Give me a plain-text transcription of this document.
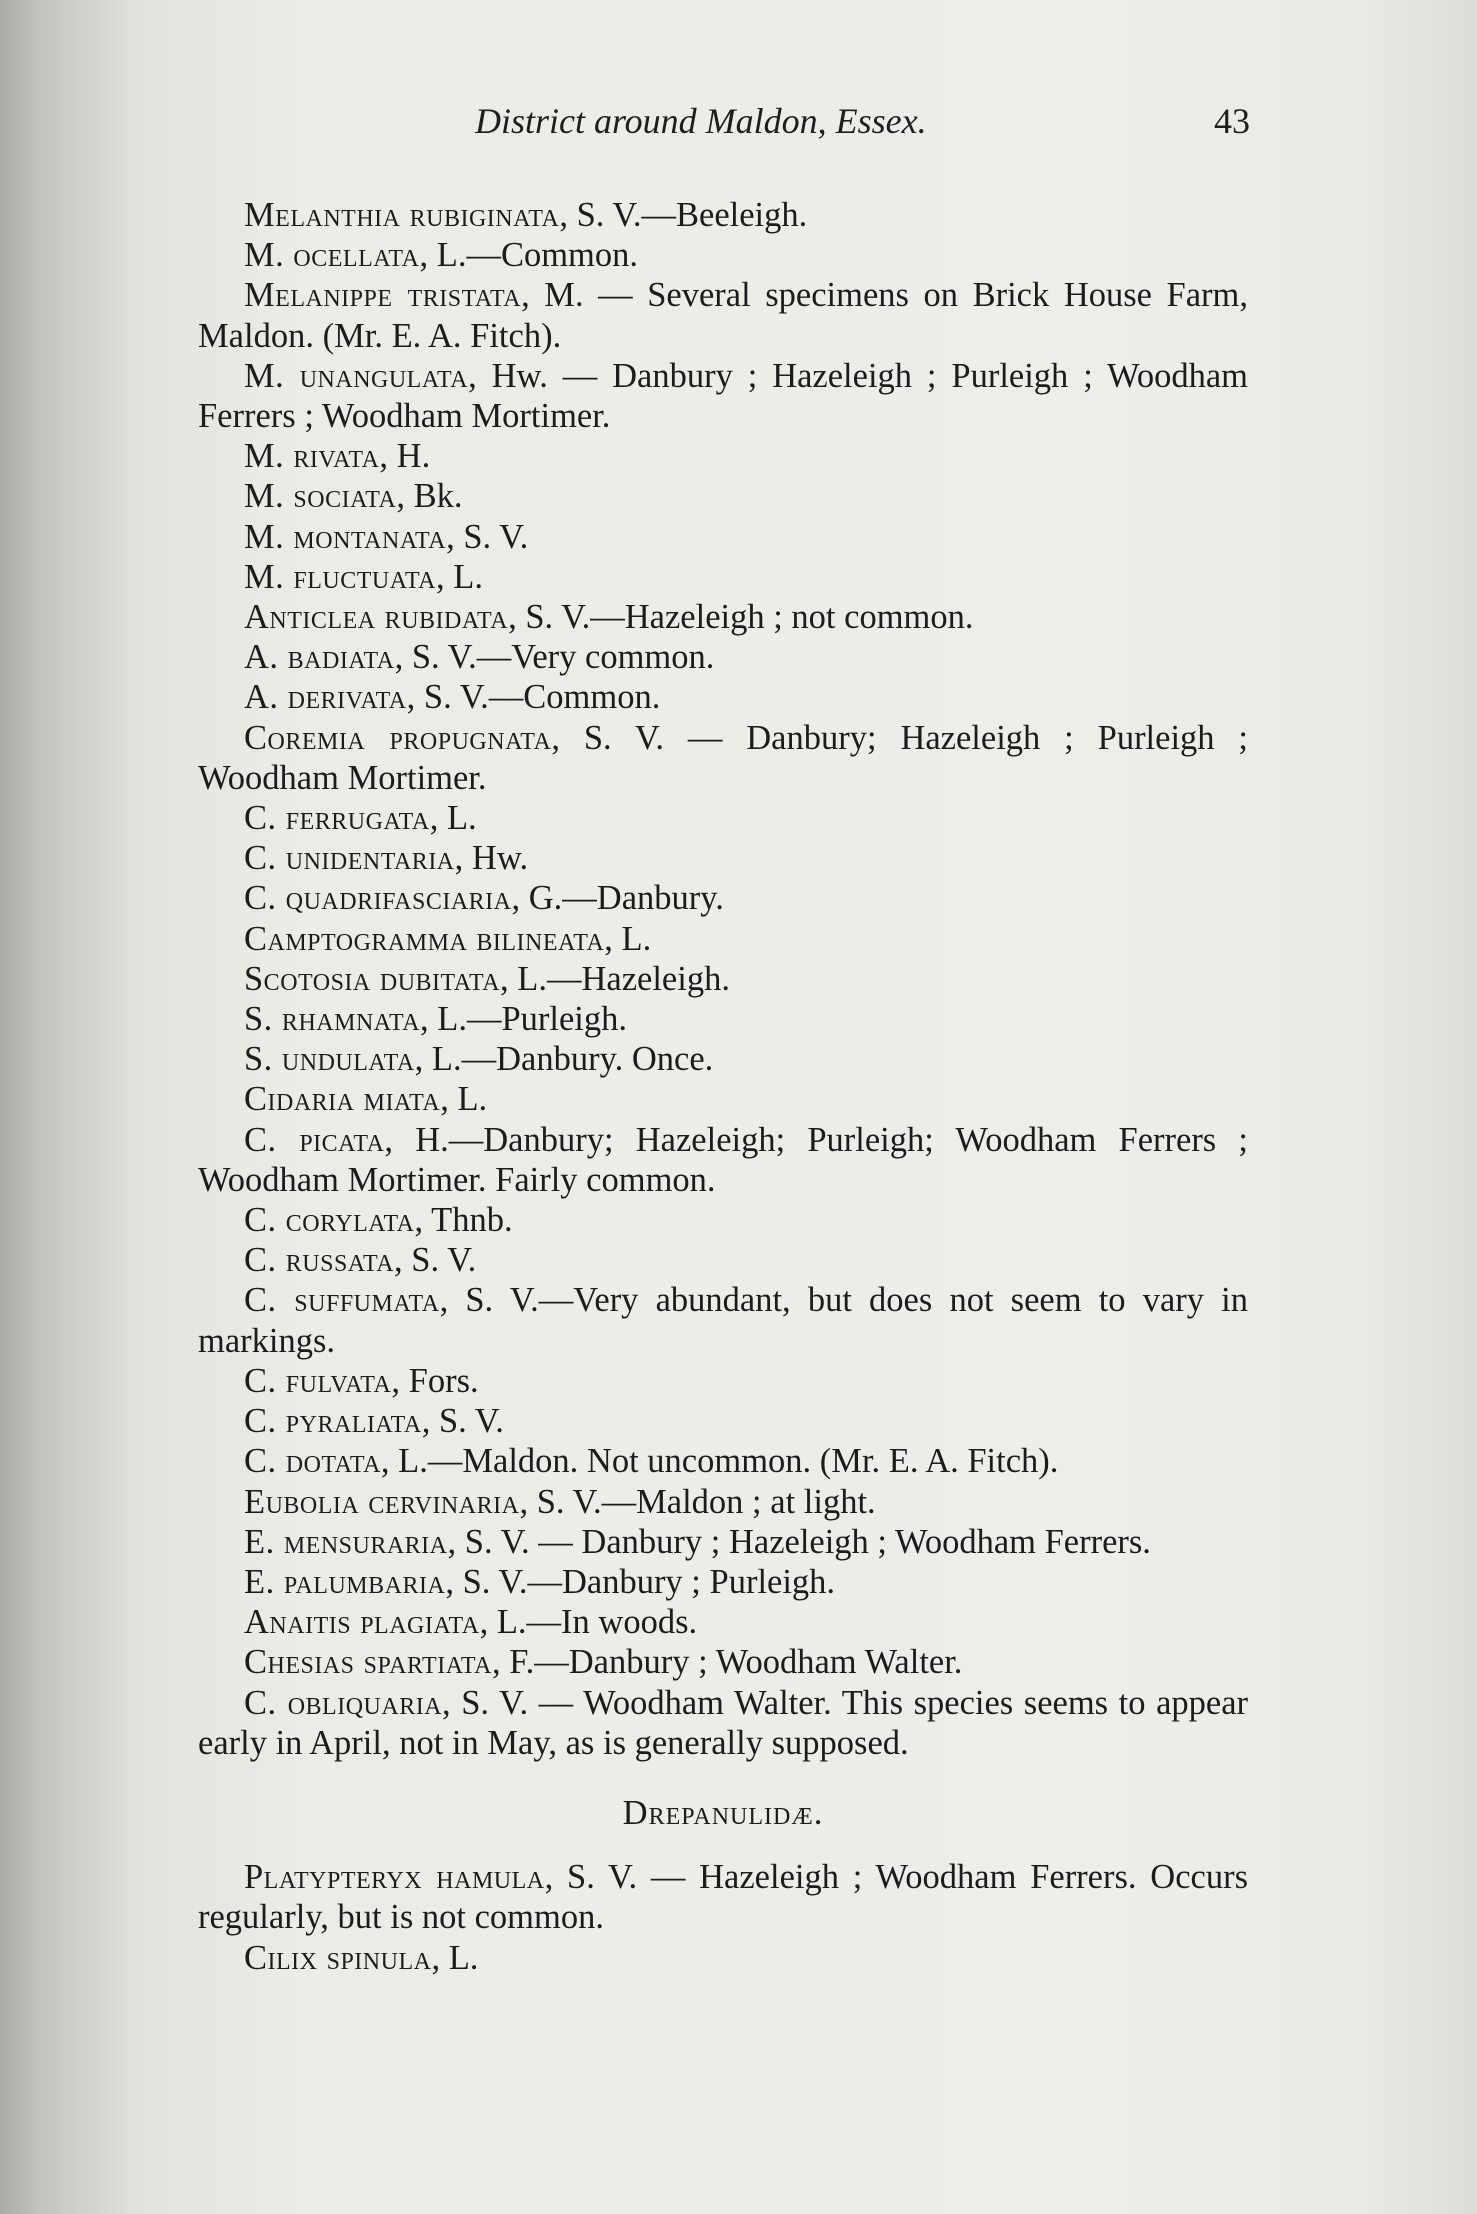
District around Maldon, Essex.	43

Melanthia rubiginata, S. V.—Beeleigh.

M. ocellata, L.—Common.

Melanippe tristata, M. — Several specimens on Brick House Farm, Maldon. (Mr. E. A. Fitch).

M. unangulata, Hw. — Danbury ; Hazeleigh ; Purleigh ; Woodham Ferrers ; Woodham Mortimer.

M. rivata, H.

M. sociata, Bk.

M. montanata, S. V.

M. fluctuata, L.

Anticlea rubidata, S. V.—Hazeleigh ; not common.

A. badiata, S. V.—Very common.

A. derivata, S. V.—Common.

Coremia propugnata, S. V. — Danbury; Hazeleigh ; Purleigh ; Woodham Mortimer.

C. ferrugata, L.

C. unidentaria, Hw.

C. quadrifasciaria, G.—Danbury.

Camptogramma bilineata, L.

Scotosia dubitata, L.—Hazeleigh.

S. rhamnata, L.—Purleigh.

S. undulata, L.—Danbury. Once.

Cidaria miata, L.

C. picata, H.—Danbury; Hazeleigh; Purleigh; Woodham Ferrers ; Woodham Mortimer. Fairly common.

C. corylata, Thnb.

C. russata, S. V.

C. suffumata, S. V.—Very abundant, but does not seem to vary in markings.

C. fulvata, Fors.

C. pyraliata, S. V.

C. dotata, L.—Maldon. Not uncommon. (Mr. E. A. Fitch).

Eubolia cervinaria, S. V.—Maldon ; at light.

E. mensuraria, S. V. — Danbury ; Hazeleigh ; Woodham Ferrers.

E. palumbaria, S. V.—Danbury ; Purleigh.

Anaitis plagiata, L.—In woods.

Chesias spartiata, F.—Danbury ; Woodham Walter.

C. obliquaria, S. V. — Woodham Walter. This species seems to appear early in April, not in May, as is generally supposed.

Drepanulidæ.

Platypteryx hamula, S. V. — Hazeleigh ; Woodham Ferrers. Occurs regularly, but is not common.

Cilix spinula, L.
